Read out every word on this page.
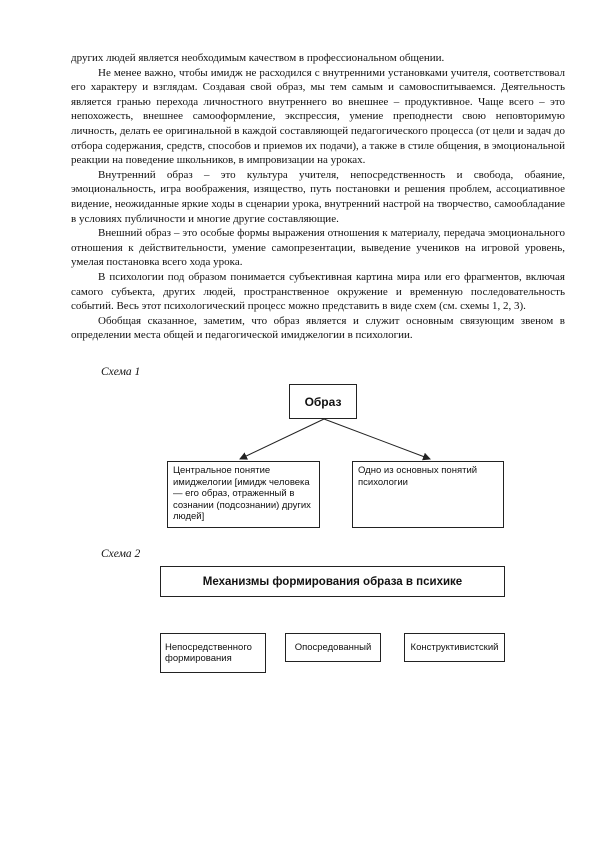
других людей является необходимым качеством в профессиональном общении.

Не менее важно, чтобы имидж не расходился с внутренними установками учителя, соответствовал его характеру и взглядам. Создавая свой образ, мы тем самым и самовоспитываемся. Деятельность является гранью перехода личностного внутреннего во внешнее – продуктивное. Чаще всего – это непохожесть, внешнее самооформление, экспрессия, умение преподнести свою неповторимую личность, делать ее оригинальной в каждой составляющей педагогического процесса (от цели и задач до отбора содержания, средств, способов и приемов их подачи), а также в стиле общения, в эмоциональной реакции на поведение школьников, в импровизации на уроках.

Внутренний образ – это культура учителя, непосредственность и свобода, обаяние, эмоциональность, игра воображения, изящество, путь постановки и решения проблем, ассоциативное видение, неожиданные яркие ходы в сценарии урока, внутренний настрой на творчество, самообладание в условиях публичности и многие другие составляющие.

Внешний образ – это особые формы выражения отношения к материалу, передача эмоционального отношения к действительности, умение самопрезентации, выведение учеников на игровой уровень, умелая постановка всего хода урока.

В психологии под образом понимается субъективная картина мира или его фрагментов, включая самого субъекта, других людей, пространственное окружение и временную последовательность событий. Весь этот психологический процесс можно представить в виде схем (см. схемы 1, 2, 3).

Обобщая сказанное, заметим, что образ является и служит основным связующим звеном в определении места общей и педагогической имиджелогии в психологии.

Схема 1
Образ
Центральное понятие имиджелогии [имидж человека — его образ, отраженный в сознании (подсознании) других людей]
Одно из основных понятий психологии
Схема 2
Механизмы формирования образа в психике
Непосредственного формирования
Опосредованный	Конструктивистский
